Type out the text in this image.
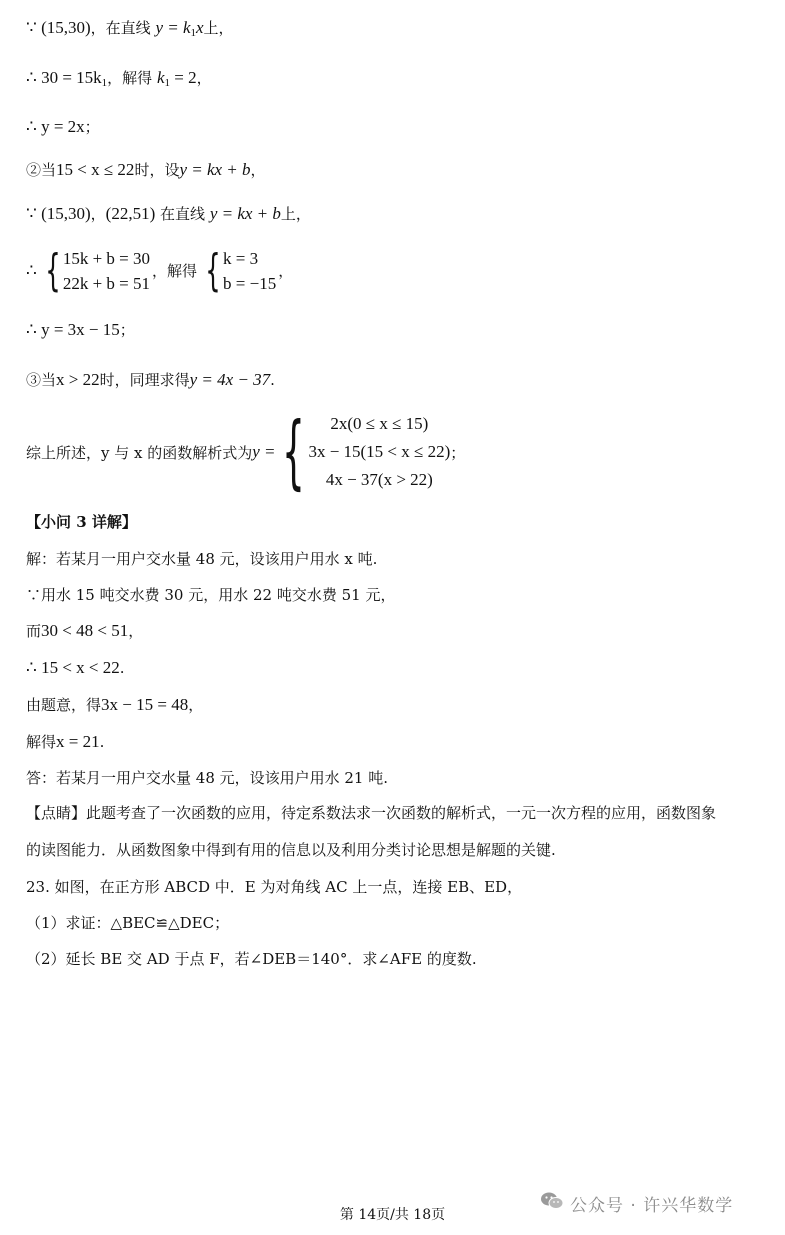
∵ (15,30)，在直线 $y = k_1x$上，
∴ $30 = 15k_1$，解得 $k_1 = 2$，
∴ y = 2x；
②当15 < x ≤ 22时，设y = kx + b，
∵ (15,30)，(22,51) 在直线 y = kx + b上，
∴ { 15k + b = 30
22k + b = 51
，解得 { k = 3
b = −15
，
∴ y = 3x − 15；
③当x > 22时，同理求得y = 4x − 37.
综上所述，y 与 x 的函数解析式为 y = { 2x(0 ≤ x ≤ 15)
3x − 15(15 < x ≤ 22)
4x − 37(x > 22)
；
【小问 3 详解】
解：若某月一用户交水量 48 元，设该用户用水 x 吨.
∵用水 15 吨交水费 30 元，用水 22 吨交水费 51 元，
而30 < 48 < 51，
∴ 15 < x < 22.
由题意，得3x − 15 = 48，
解得x = 21.
答：若某月一用户交水量 48 元，设该用户用水 21 吨.
【点睛】此题考查了一次函数的应用，待定系数法求一次函数的解析式，一元一次方程的应用，函数图象
的读图能力．从函数图象中得到有用的信息以及利用分类讨论思想是解题的关键.
23. 如图，在正方形 ABCD 中．E 为对角线 AC 上一点，连接 EB、ED，
（1）求证：△BEC≌△DEC；
（2）延长 BE 交 AD 于点 F，若∠DEB＝140°．求∠AFE 的度数.
第 14页/共 18页	公众号 · 许兴华数学
